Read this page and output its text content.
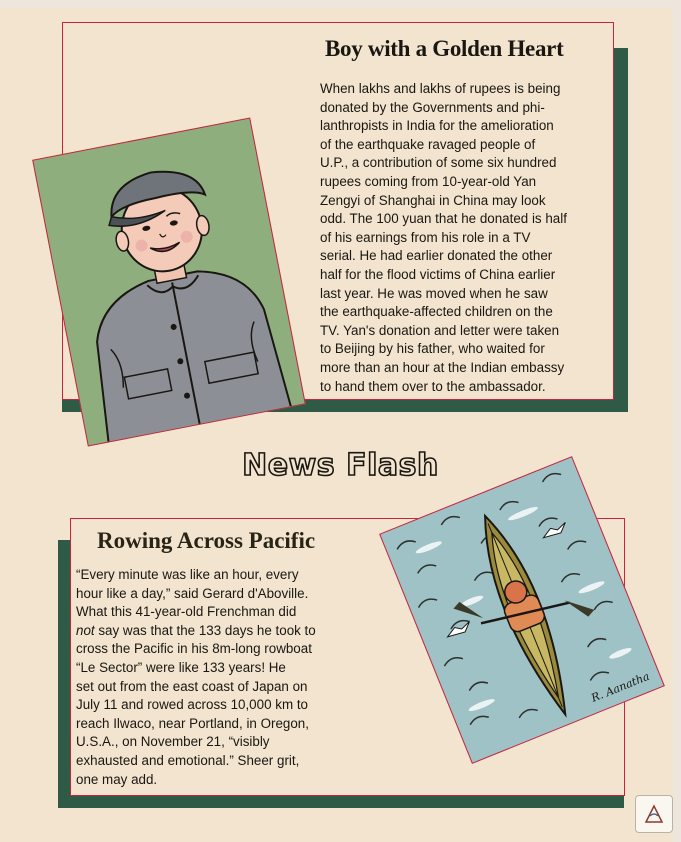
Boy with a Golden Heart
When lakhs and lakhs of rupees is being
donated by the Governments and phi-
lanthropists in India for the amelioration
of the earthquake ravaged people of
U.P., a contribution of some six hundred
rupees coming from 10-year-old Yan
Zengyi of Shanghai in China may look
odd. The 100 yuan that he donated is half
of his earnings from his role in a TV
serial. He had earlier donated the other
half for the flood victims of China earlier
last year. He was moved when he saw
the earthquake-affected children on the
TV. Yan's donation and letter were taken
to Beijing by his father, who waited for
more than an hour at the Indian embassy
to hand them over to the ambassador.
News Flash
Rowing Across Pacific
“Every minute was like an hour, every
hour like a day,” said Gerard d'Aboville.
What this 41-year-old Frenchman did
not say was that the 133 days he took to
cross the Pacific in his 8m-long rowboat
“Le Sector” were like 133 years! He
set out from the east coast of Japan on
July 11 and rowed across 10,000 km to
reach Ilwaco, near Portland, in Oregon,
U.S.A., on November 21, “visibly
exhausted and emotional.” Sheer grit,
one may add.
R. Aanatha
